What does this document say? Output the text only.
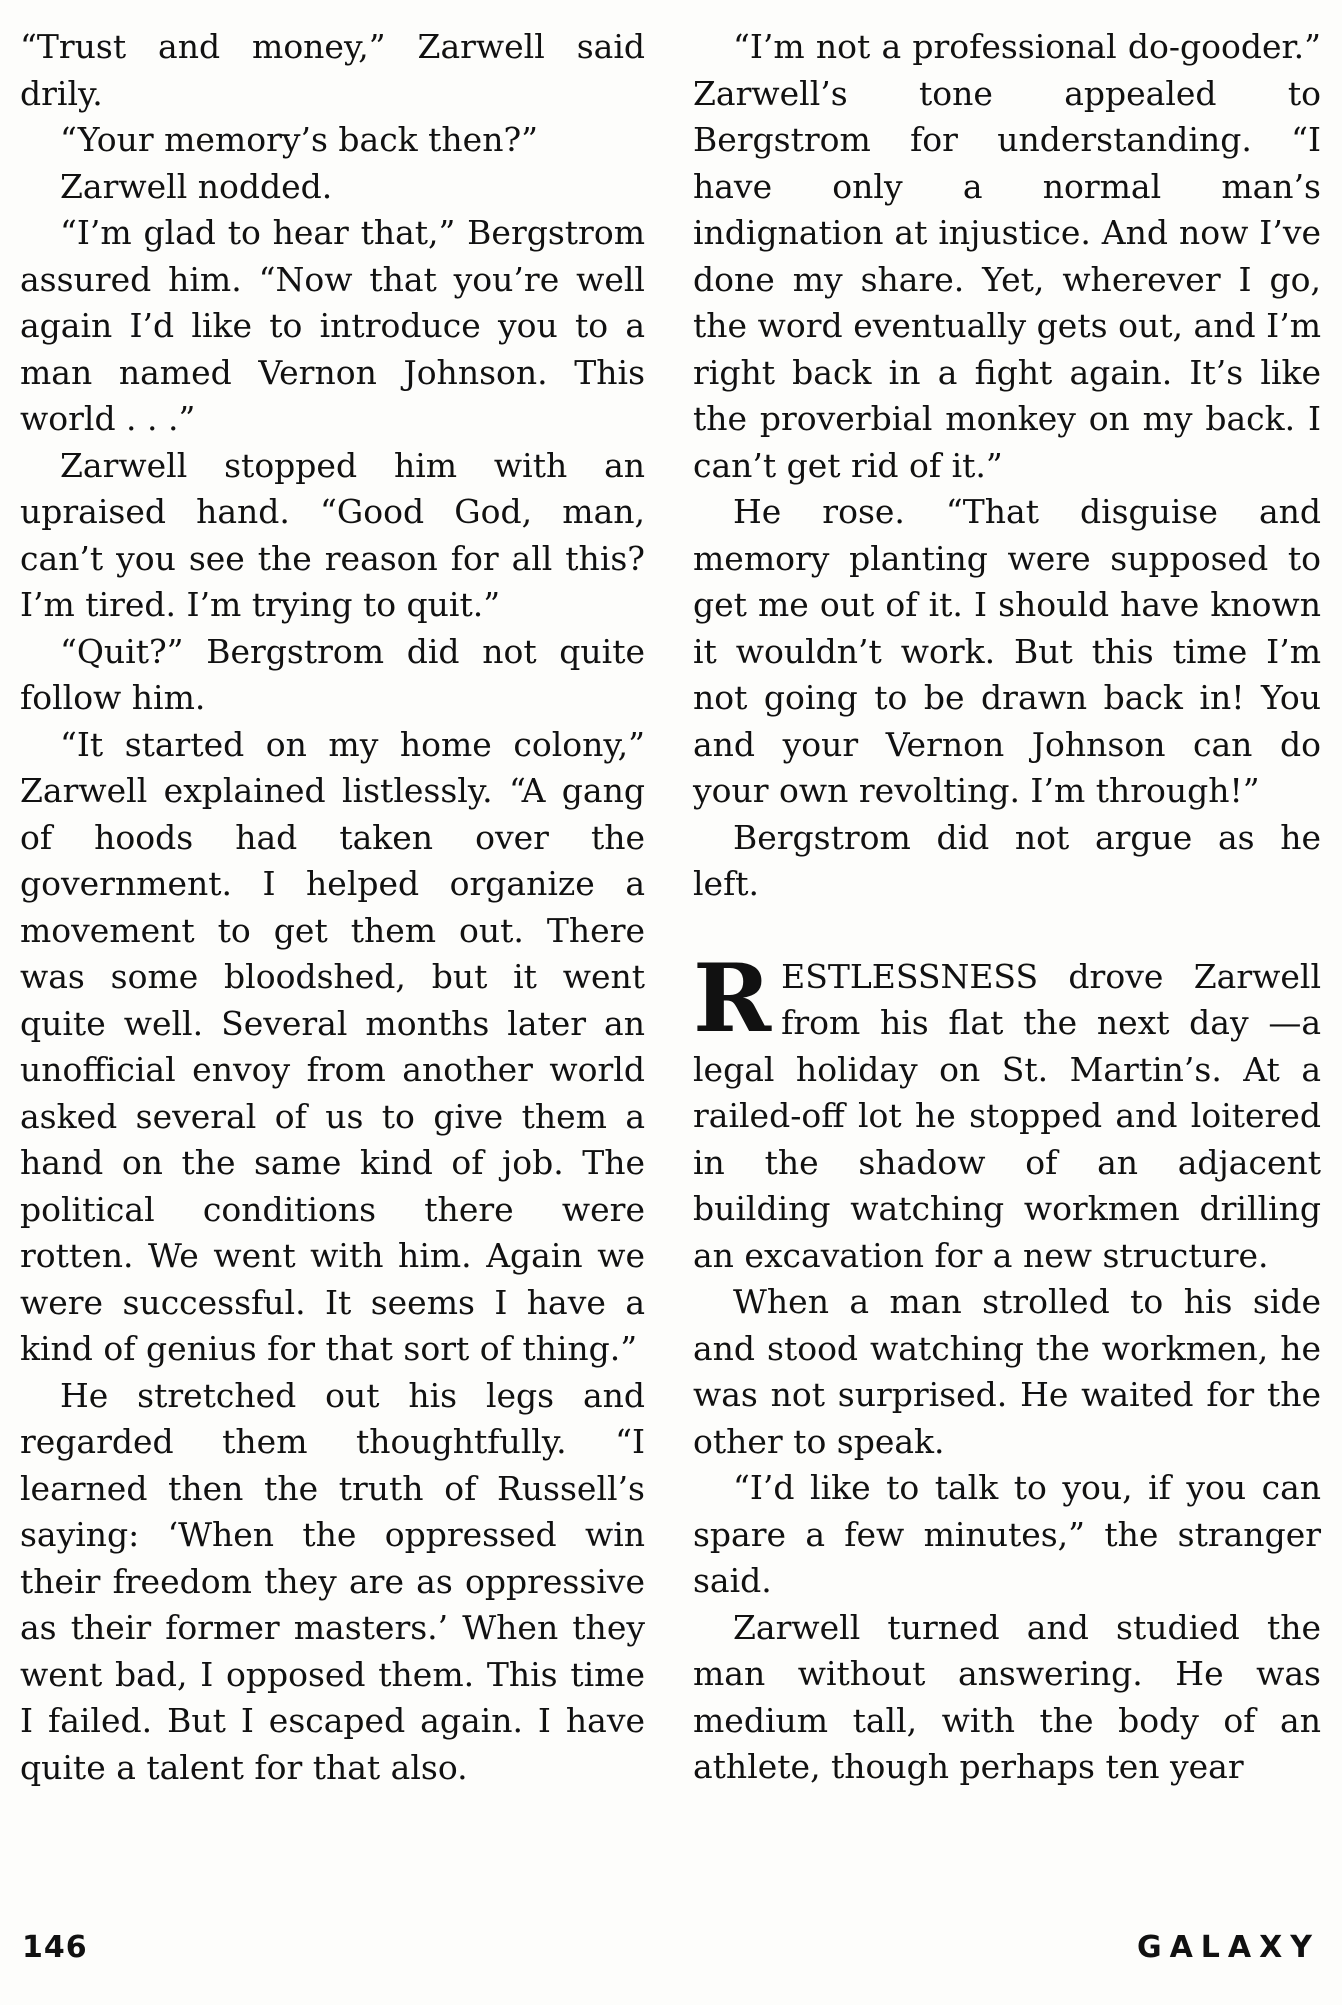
“Trust and money,” Zarwell said drily.

“Your memory’s back then?”

Zarwell nodded.

“I’m glad to hear that,” Bergstrom assured him. “Now that you’re well again I’d like to introduce you to a man named Vernon Johnson. This world . . .”

Zarwell stopped him with an upraised hand. “Good God, man, can’t you see the reason for all this? I’m tired. I’m trying to quit.”

“Quit?” Bergstrom did not quite follow him.

“It started on my home colony,” Zarwell explained listlessly. “A gang of hoods had taken over the government. I helped organize a movement to get them out. There was some bloodshed, but it went quite well. Several months later an unofficial envoy from another world asked several of us to give them a hand on the same kind of job. The political conditions there were rotten. We went with him. Again we were successful. It seems I have a kind of genius for that sort of thing.”

He stretched out his legs and regarded them thoughtfully. “I learned then the truth of Russell’s saying: ‘When the oppressed win their freedom they are as oppressive as their former masters.’ When they went bad, I opposed them. This time I failed. But I escaped again. I have quite a talent for that also.

“I’m not a professional do-gooder.” Zarwell’s tone appealed to Bergstrom for understanding. “I have only a normal man’s indignation at injustice. And now I’ve done my share. Yet, wherever I go, the word eventually gets out, and I’m right back in a fight again. It’s like the proverbial monkey on my back. I can’t get rid of it.”

He rose. “That disguise and memory planting were supposed to get me out of it. I should have known it wouldn’t work. But this time I’m not going to be drawn back in! You and your Vernon Johnson can do your own revolting. I’m through!”

Bergstrom did not argue as he left.

RESTLESSNESS drove Zarwell from his flat the next day —a legal holiday on St. Martin’s. At a railed-off lot he stopped and loitered in the shadow of an adjacent building watching workmen drilling an excavation for a new structure.

When a man strolled to his side and stood watching the workmen, he was not surprised. He waited for the other to speak.

“I’d like to talk to you, if you can spare a few minutes,” the stranger said.

Zarwell turned and studied the man without answering. He was medium tall, with the body of an athlete, though perhaps ten year

146	GALAXY
